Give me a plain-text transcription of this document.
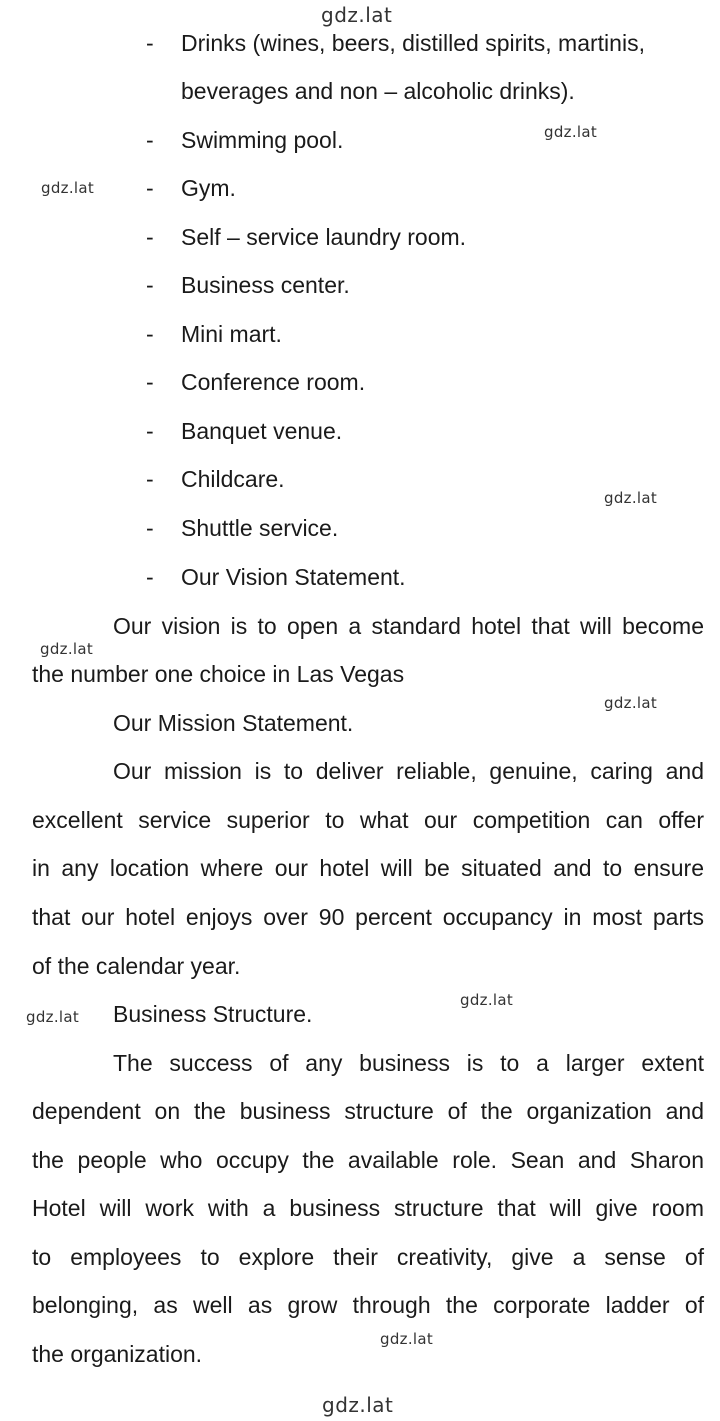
gdz.lat
gdz.lat
gdz.lat
gdz.lat
gdz.lat
gdz.lat
gdz.lat
gdz.lat
gdz.lat
gdz.lat
- Drinks (wines, beers, distilled spirits, martinis,
beverages and non – alcoholic drinks).
- Swimming pool.
- Gym.
- Self – service laundry room.
- Business center.
- Mini mart.
- Conference room.
- Banquet venue.
- Childcare.
- Shuttle service.
- Our Vision Statement.
Our vision is to open a standard hotel that will become
the number one choice in Las Vegas
Our Mission Statement.
Our mission is to deliver reliable, genuine, caring and
excellent service superior to what our competition can offer
in any location where our hotel will be situated and to ensure
that our hotel enjoys over 90 percent occupancy in most parts
of the calendar year.
Business Structure.
The success of any business is to a larger extent
dependent on the business structure of the organization and
the people who occupy the available role. Sean and Sharon
Hotel will work with a business structure that will give room
to employees to explore their creativity, give a sense of
belonging, as well as grow through the corporate ladder of
the organization.
